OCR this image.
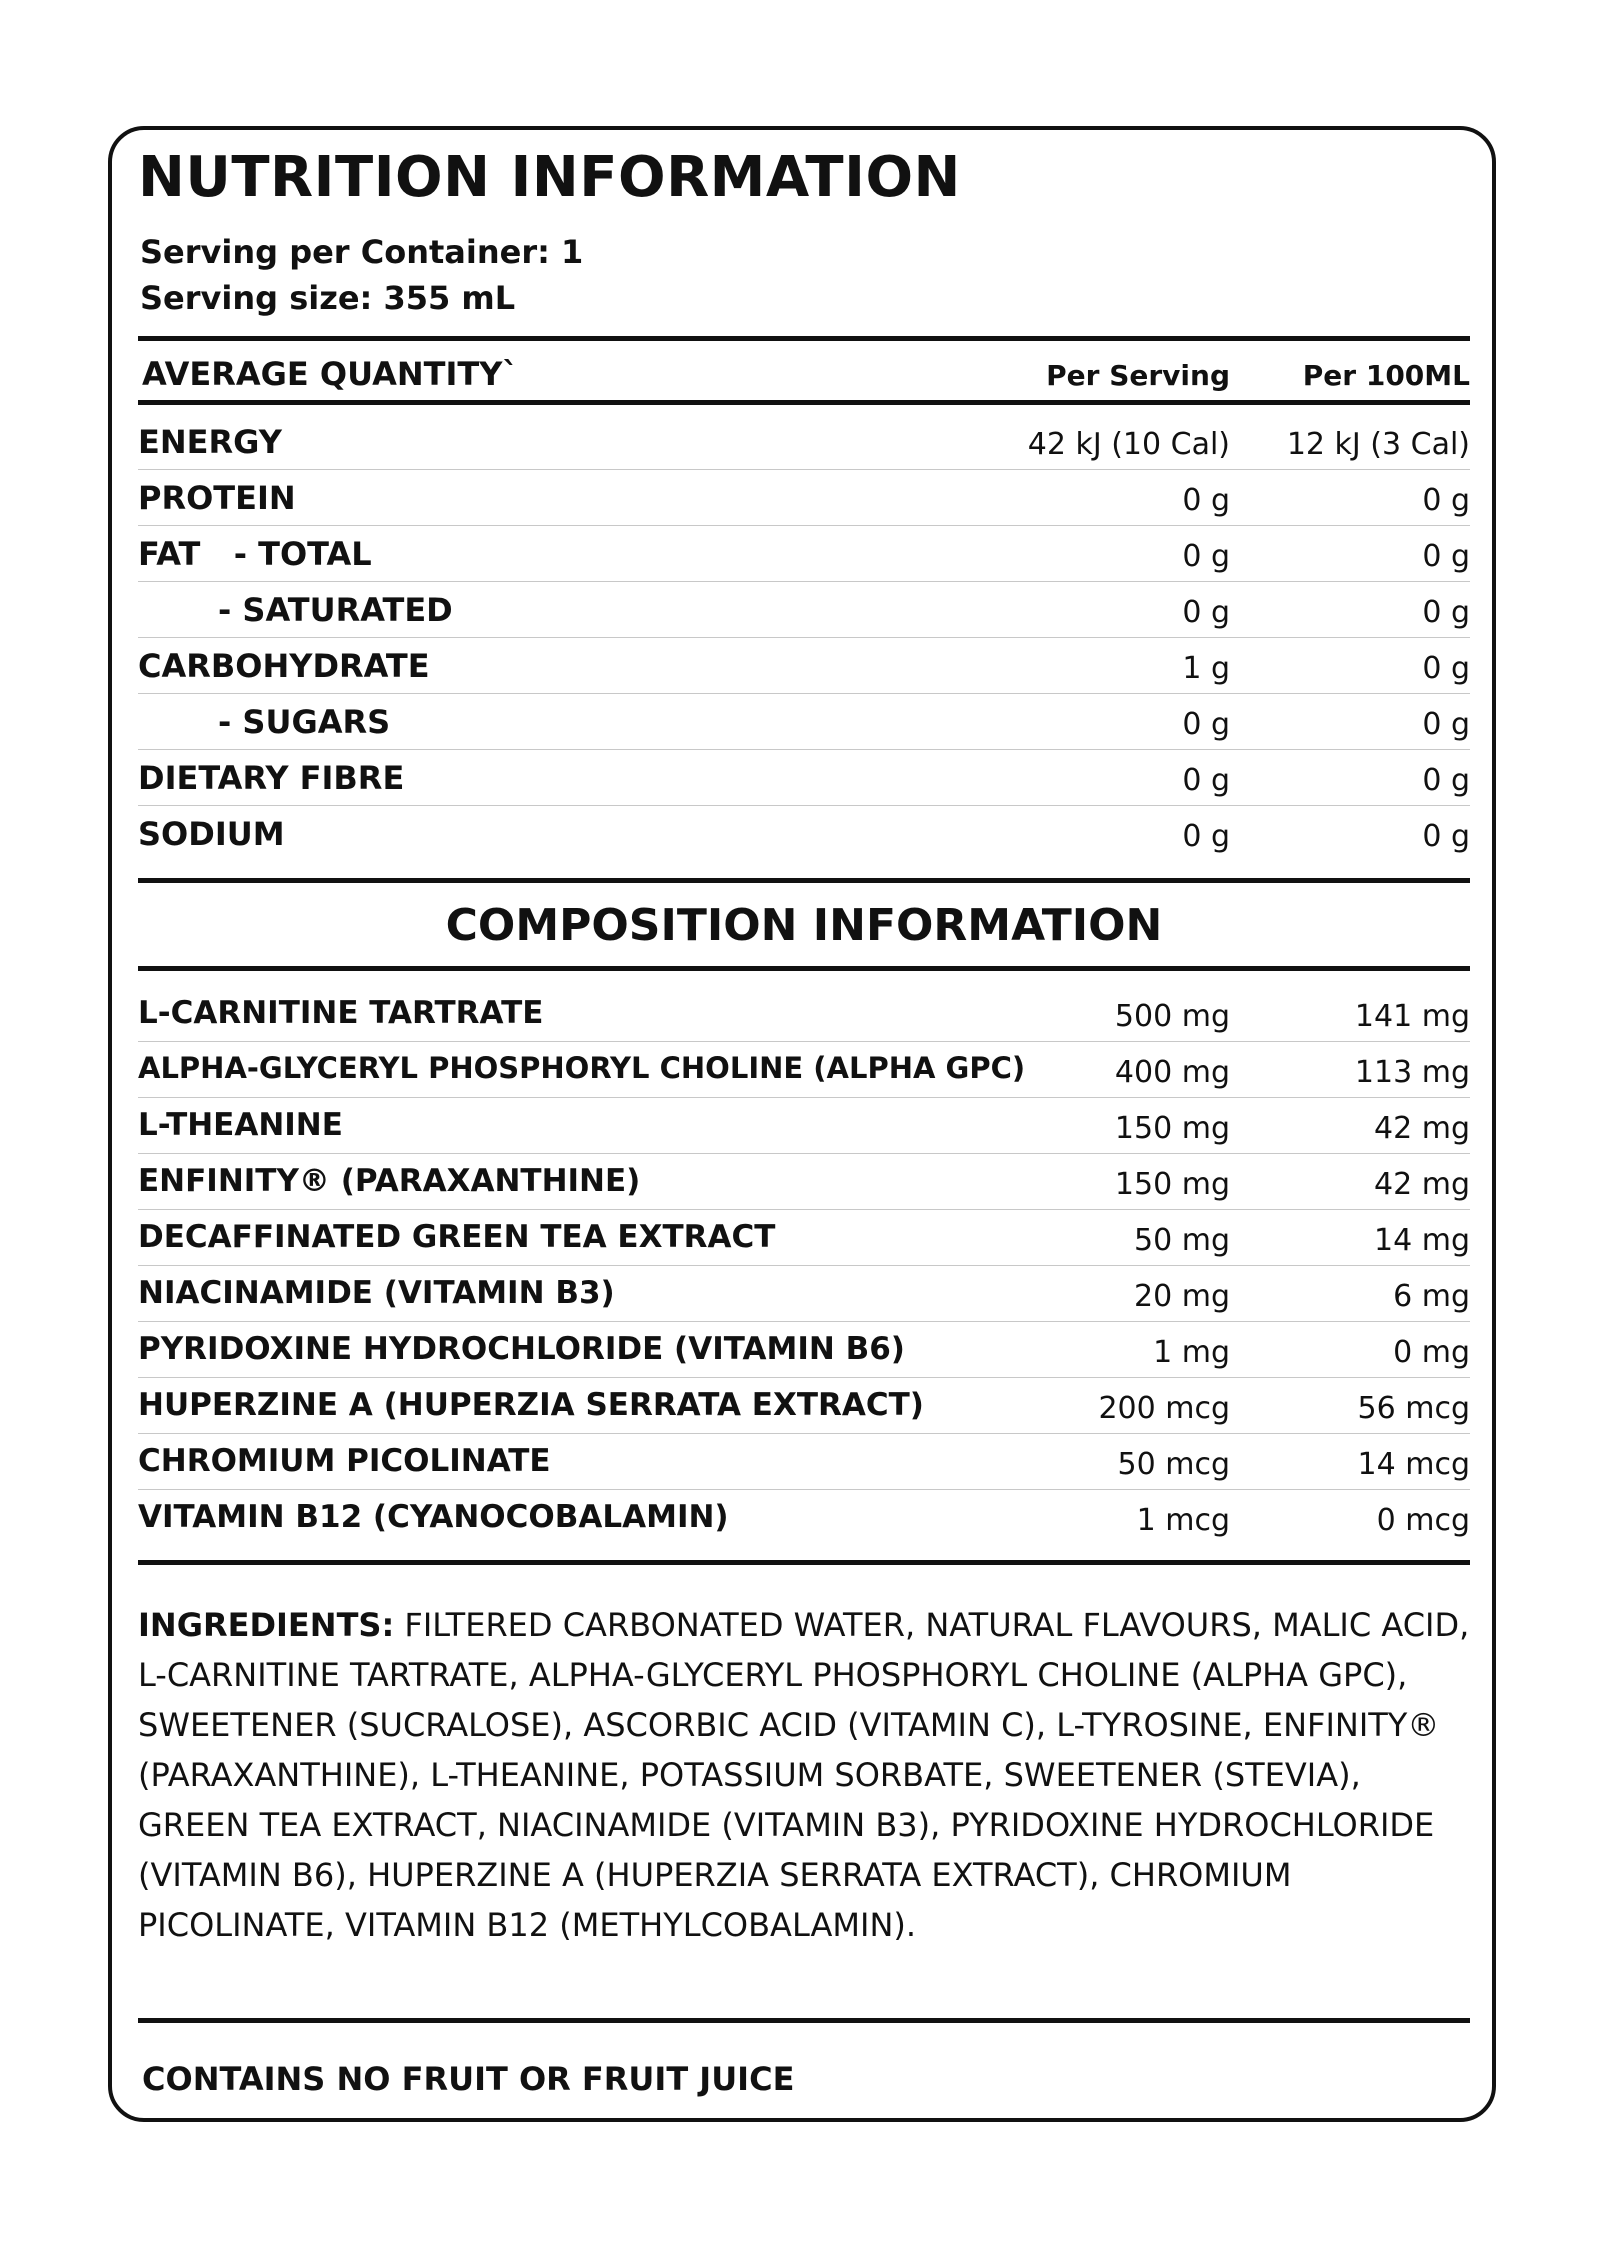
NUTRITION INFORMATION
Serving per Container: 1
Serving size: 355 mL
AVERAGE QUANTITY`	Per Serving	Per 100ML
ENERGY	42 kJ (10 Cal) 12 kJ (3 Cal)
PROTEIN	0 g	0 g
FAT   - TOTAL	0 g	0 g
- SATURATED	0 g	0 g
CARBOHYDRATE	1 g	0 g
- SUGARS	0 g	0 g
DIETARY FIBRE	0 g	0 g
SODIUM	0 g	0 g
COMPOSITION INFORMATION
L-CARNITINE TARTRATE	500 mg	141 mg
ALPHA-GLYCERYL PHOSPHORYL CHOLINE (ALPHA GPC)	400 mg	113 mg
L-THEANINE	150 mg	42 mg
ENFINITY® (PARAXANTHINE)	150 mg	42 mg
DECAFFINATED GREEN TEA EXTRACT	50 mg	14 mg
NIACINAMIDE (VITAMIN B3)	20 mg	6 mg
PYRIDOXINE HYDROCHLORIDE (VITAMIN B6)	1 mg	0 mg
HUPERZINE A (HUPERZIA SERRATA EXTRACT)	200 mcg	56 mcg
CHROMIUM PICOLINATE	50 mcg	14 mcg
VITAMIN B12 (CYANOCOBALAMIN)	1 mcg	0 mcg
INGREDIENTS: FILTERED CARBONATED WATER, NATURAL FLAVOURS, MALIC ACID, L-CARNITINE TARTRATE, ALPHA-GLYCERYL PHOSPHORYL CHOLINE (ALPHA GPC), SWEETENER (SUCRALOSE), ASCORBIC ACID (VITAMIN C), L-TYROSINE, ENFINITY® (PARAXANTHINE), L-THEANINE, POTASSIUM SORBATE, SWEETENER (STEVIA), GREEN TEA EXTRACT, NIACINAMIDE (VITAMIN B3), PYRIDOXINE HYDROCHLORIDE (VITAMIN B6), HUPERZINE A (HUPERZIA SERRATA EXTRACT), CHROMIUM PICOLINATE, VITAMIN B12 (METHYLCOBALAMIN).
CONTAINS NO FRUIT OR FRUIT JUICE
